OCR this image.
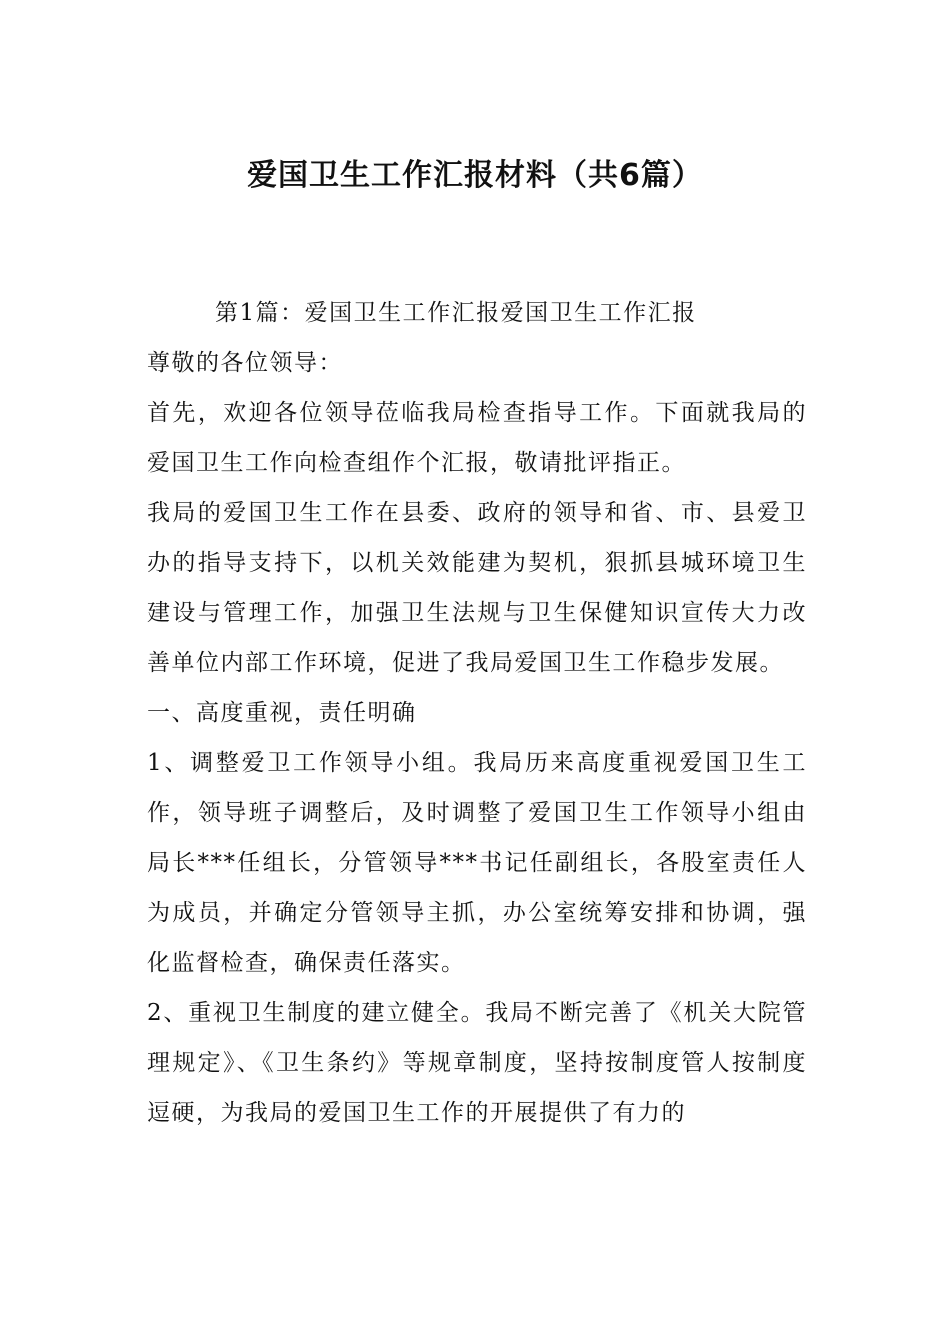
爱国卫生工作汇报材料（共6篇）

第1篇：爱国卫生工作汇报爱国卫生工作汇报

尊敬的各位领导：

首先，欢迎各位领导莅临我局检查指导工作。下面就我局的爱国卫生工作向检查组作个汇报，敬请批评指正。

我局的爱国卫生工作在县委、政府的领导和省、市、县爱卫办的指导支持下，以机关效能建为契机，狠抓县城环境卫生建设与管理工作，加强卫生法规与卫生保健知识宣传大力改善单位内部工作环境，促进了我局爱国卫生工作稳步发展。

一、高度重视，责任明确

1、调整爱卫工作领导小组。我局历来高度重视爱国卫生工作，领导班子调整后，及时调整了爱国卫生工作领导小组由局长***任组长，分管领导***书记任副组长，各股室责任人为成员，并确定分管领导主抓，办公室统筹安排和协调，强化监督检查，确保责任落实。

2、重视卫生制度的建立健全。我局不断完善了《机关大院管理规定》、《卫生条约》等规章制度，坚持按制度管人按制度逗硬，为我局的爱国卫生工作的开展提供了有力的
